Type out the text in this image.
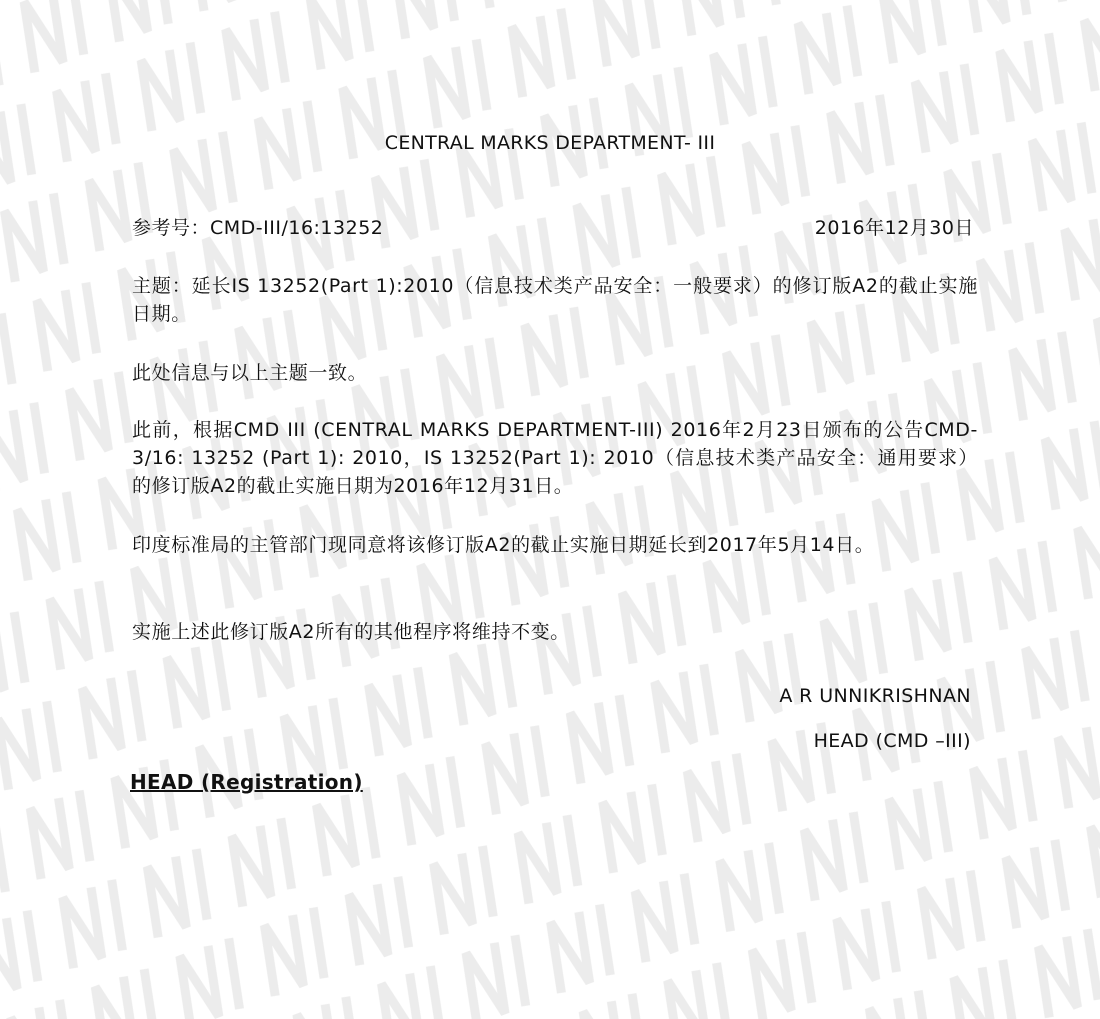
CENTRAL MARKS DEPARTMENT- III
参考号：CMD-III/16:13252	2016年12月30日
主题：延长IS 13252(Part 1):2010（信息技术类产品安全：一般要求）的修订版A2的截止实施日期。
此处信息与以上主题一致。
此前，根据CMD III (CENTRAL MARKS DEPARTMENT-III) 2016年2月23日颁布的公告CMD-3/16: 13252 (Part 1): 2010，IS 13252(Part 1): 2010（信息技术类产品安全：通用要求）的修订版A2的截止实施日期为2016年12月31日。
印度标准局的主管部门现同意将该修订版A2的截止实施日期延长到2017年5月14日。
实施上述此修订版A2所有的其他程序将维持不变。
A R UNNIKRISHNAN
HEAD (CMD –III)
HEAD (Registration)
